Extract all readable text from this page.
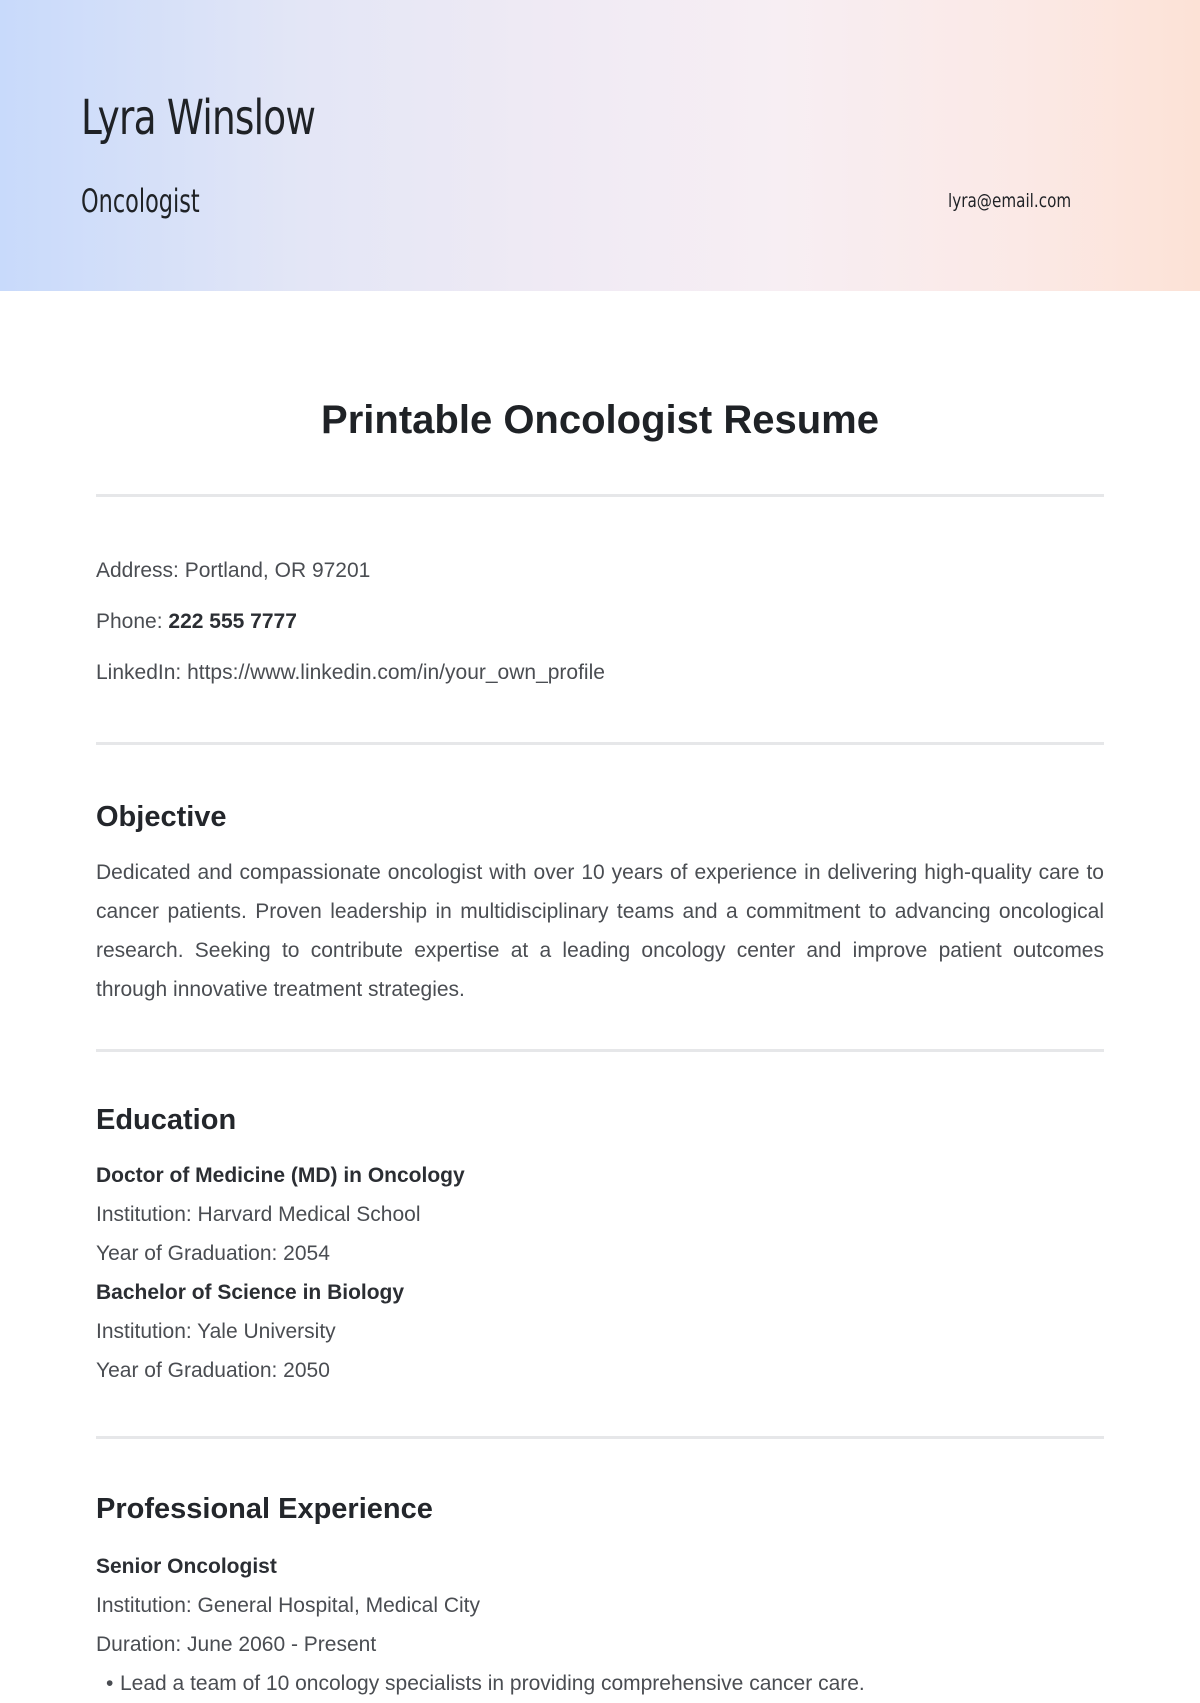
Lyra Winslow
Oncologist	lyra@email.com
Printable Oncologist Resume
Address: Portland, OR 97201
Phone: 222 555 7777
LinkedIn: https://www.linkedin.com/in/your_own_profile
Objective

Dedicated and compassionate oncologist with over 10 years of experience in delivering high-quality care to cancer patients. Proven leadership in multidisciplinary teams and a commitment to advancing oncological research. Seeking to contribute expertise at a leading oncology center and improve patient outcomes through innovative treatment strategies.

Education
Doctor of Medicine (MD) in Oncology
Institution: Harvard Medical School
Year of Graduation: 2054
Bachelor of Science in Biology
Institution: Yale University
Year of Graduation: 2050
Professional Experience
Senior Oncologist
Institution: General Hospital, Medical City
Duration: June 2060 - Present
• Lead a team of 10 oncology specialists in providing comprehensive cancer care.
